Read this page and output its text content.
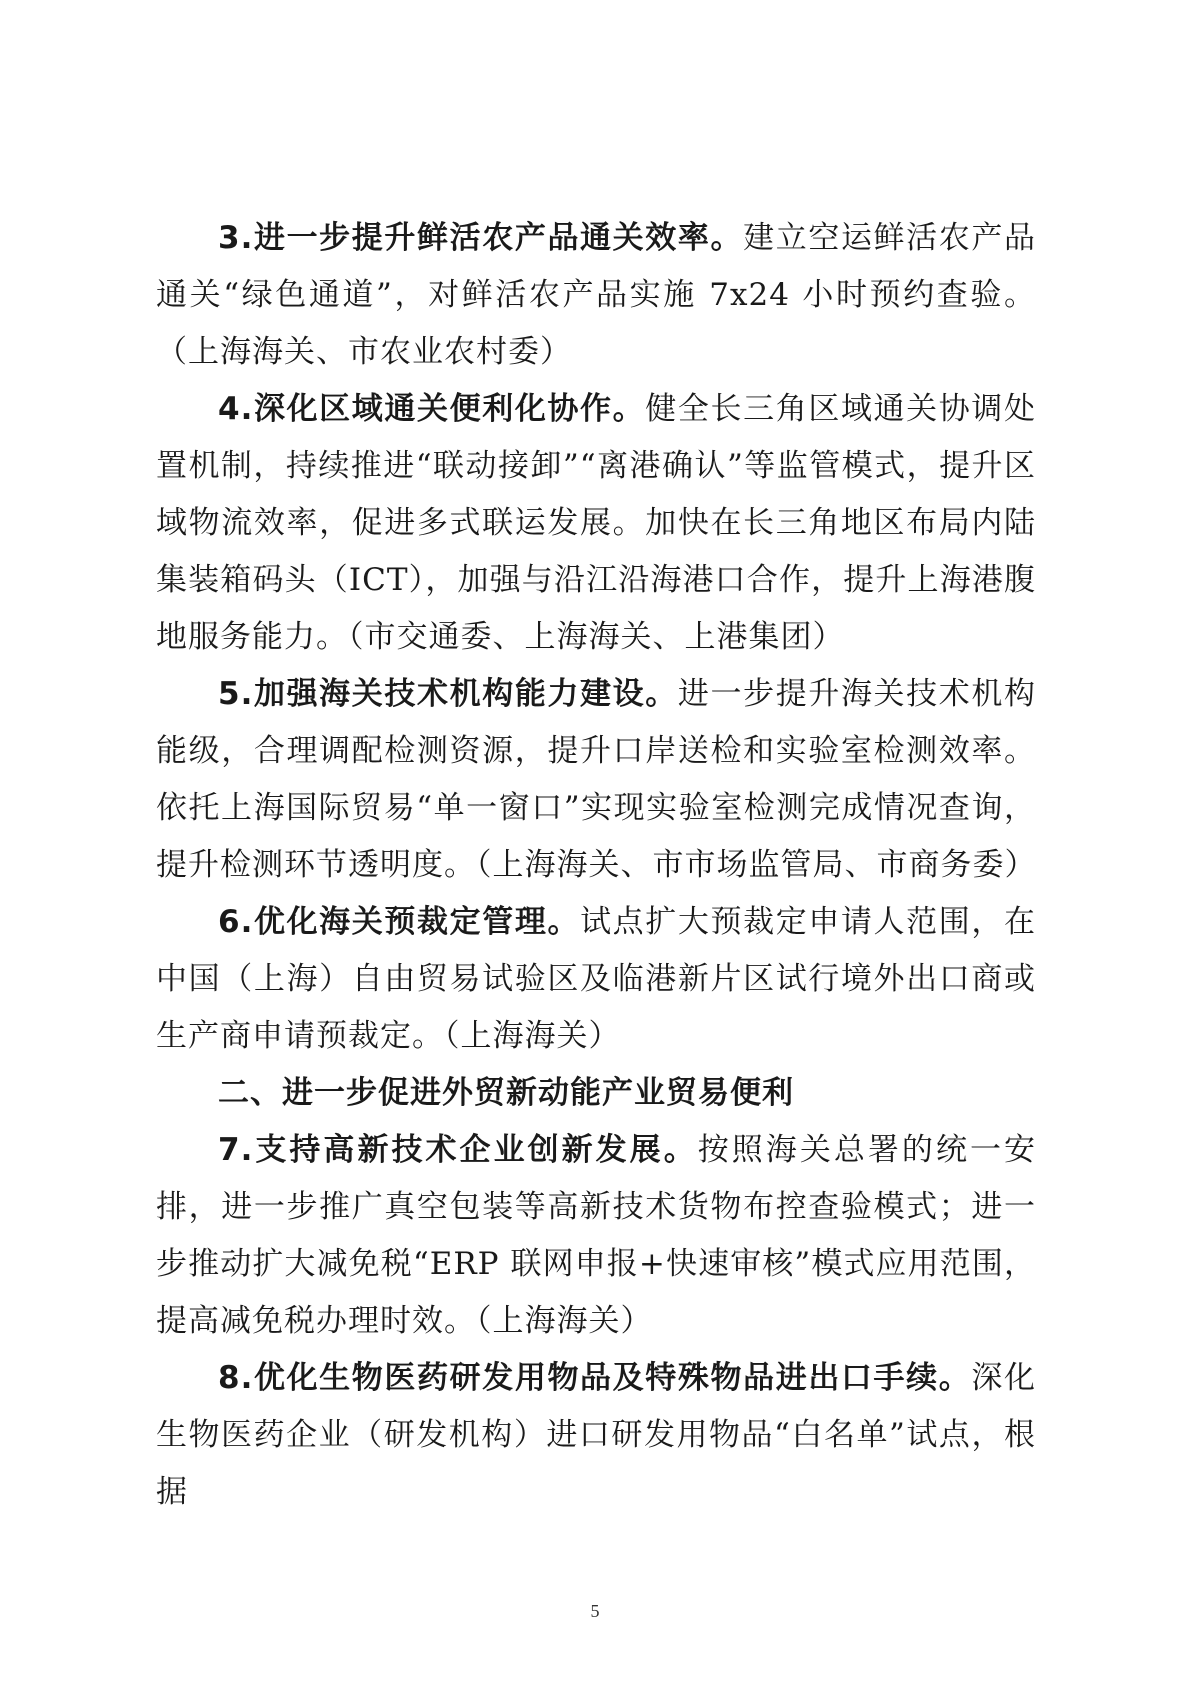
3.进一步提升鲜活农产品通关效率。建立空运鲜活农产品通关“绿色通道”，对鲜活农产品实施 7x24 小时预约查验。（上海海关、市农业农村委）

4.深化区域通关便利化协作。健全长三角区域通关协调处置机制，持续推进“联动接卸”“离港确认”等监管模式，提升区域物流效率，促进多式联运发展。加快在长三角地区布局内陆集装箱码头（ICT），加强与沿江沿海港口合作，提升上海港腹地服务能力。（市交通委、上海海关、上港集团）

5.加强海关技术机构能力建设。进一步提升海关技术机构能级，合理调配检测资源，提升口岸送检和实验室检测效率。依托上海国际贸易“单一窗口”实现实验室检测完成情况查询，提升检测环节透明度。（上海海关、市市场监管局、市商务委）

6.优化海关预裁定管理。试点扩大预裁定申请人范围，在中国（上海）自由贸易试验区及临港新片区试行境外出口商或生产商申请预裁定。（上海海关）

二、进一步促进外贸新动能产业贸易便利

7.支持高新技术企业创新发展。按照海关总署的统一安排，进一步推广真空包装等高新技术货物布控查验模式；进一步推动扩大减免税“ERP 联网申报+快速审核”模式应用范围，提高减免税办理时效。（上海海关）

8.优化生物医药研发用物品及特殊物品进出口手续。深化生物医药企业（研发机构）进口研发用物品“白名单”试点，根据

5
